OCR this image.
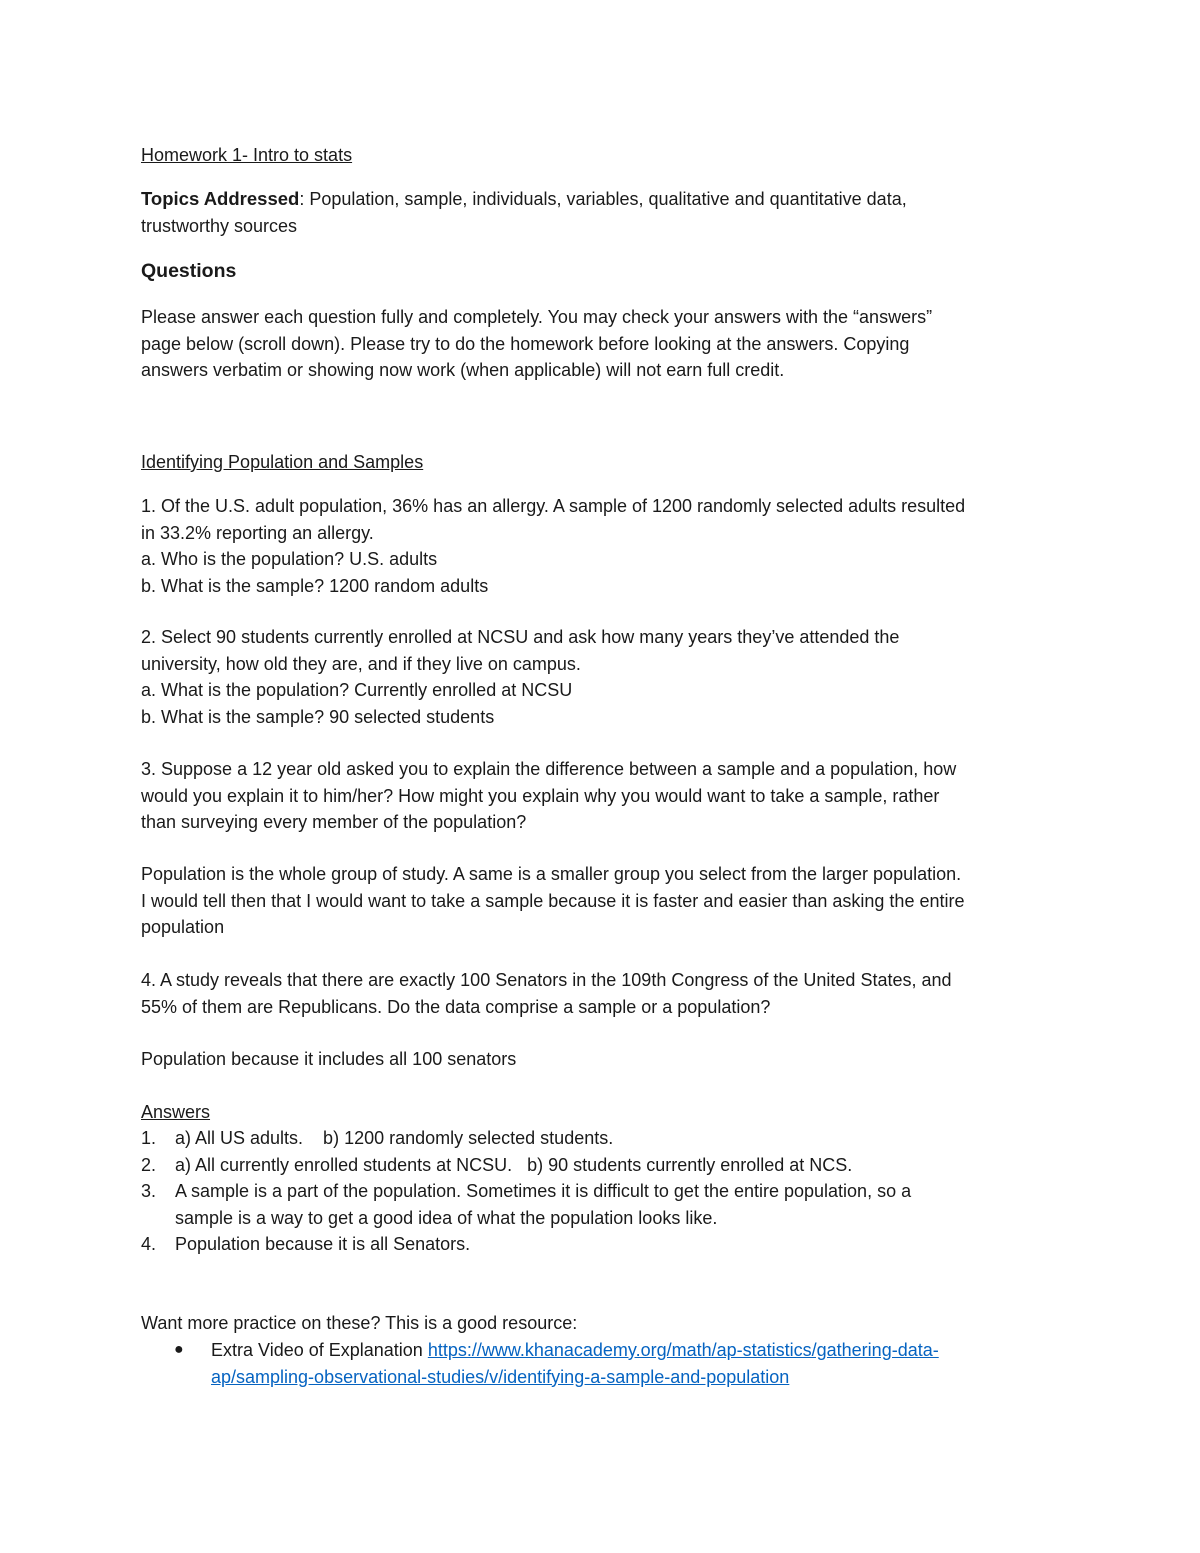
Homework 1- Intro to stats
Topics Addressed: Population, sample, individuals, variables, qualitative and quantitative data,
trustworthy sources
Questions
Please answer each question fully and completely. You may check your answers with the “answers”
page below (scroll down). Please try to do the homework before looking at the answers. Copying
answers verbatim or showing now work (when applicable) will not earn full credit.
Identifying Population and Samples
1. Of the U.S. adult population, 36% has an allergy. A sample of 1200 randomly selected adults resulted
in 33.2% reporting an allergy.
a. Who is the population? U.S. adults
b. What is the sample? 1200 random adults
2. Select 90 students currently enrolled at NCSU and ask how many years they’ve attended the
university, how old they are, and if they live on campus.
a. What is the population? Currently enrolled at NCSU
b. What is the sample? 90 selected students
3. Suppose a 12 year old asked you to explain the difference between a sample and a population, how
would you explain it to him/her? How might you explain why you would want to take a sample, rather
than surveying every member of the population?
Population is the whole group of study. A same is a smaller group you select from the larger population.
I would tell then that I would want to take a sample because it is faster and easier than asking the entire
population
4. A study reveals that there are exactly 100 Senators in the 109th Congress of the United States, and
55% of them are Republicans. Do the data comprise a sample or a population?
Population because it includes all 100 senators
Answers
1. a) All US adults.    b) 1200 randomly selected students.
2. a) All currently enrolled students at NCSU.   b) 90 students currently enrolled at NCS.
3. A sample is a part of the population. Sometimes it is difficult to get the entire population, so a
sample is a way to get a good idea of what the population looks like.
4. Population because it is all Senators.
Want more practice on these? This is a good resource:
● Extra Video of Explanation https://www.khanacademy.org/math/ap-statistics/gathering-data-
ap/sampling-observational-studies/v/identifying-a-sample-and-population
